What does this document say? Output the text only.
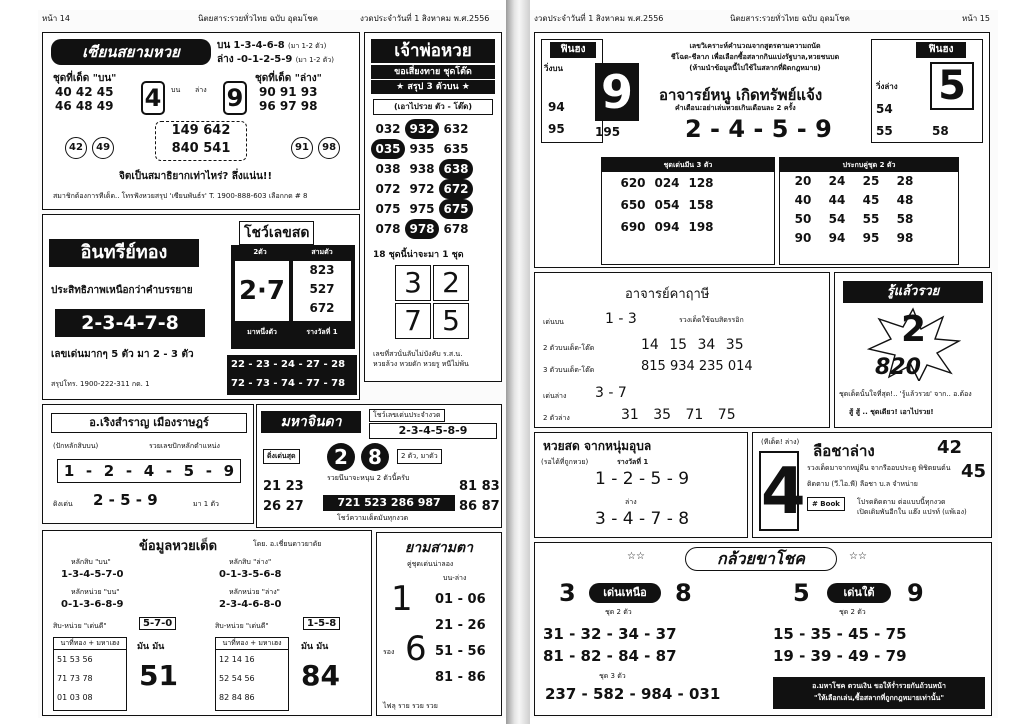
หน้า 14	นิตยสาร:รวยทั่วไทย ฉบับ อุดมโชค	งวดประจำวันที่ 1 สิงหาคม พ.ศ.2556
เซียนสยามหวย	บน 1-3-4-6-8 (มา 1-2 ตัว)
ล่าง -0-1-2-5-9 (มา 1-2 ตัว)
ชุดที่เด็ด "บน"
40 42 45
46 48 49	4	บน ล่าง 9
ชุดที่เด็ด "ล่าง"
90 91 93
96 97 98
149 642
840 541
42 49	91 98
จิตเป็นสมาธิยากเท่าไหร่? ลึ่งแน่น!!
สมาชิกต้องการทีเด็ด.. โทรฟังหวยสรุป 'เซียนพันธ์ร' T. 1900-888-603 เลือกกด # 8
เจ้าพ่อหวย
ขอเสี่ยงทาย ชุดโต๊ด
★ สรุป 3 ตัวบน ★
(เอาไปรวย ตัว - โต๊ด)
032 932 632
035 935 635
038 938 638
072 972 672
075 975 675
078 978 678
18 ชุดนี้น่าจะมา 1 ชุด
3 2
7 5
เลขที่สวนั่นลับไม่บังคับ ร.ส.น.
หวยล้วง หวยดัก หวยรู หนีไม่พ้น
อินทรีย์ทอง
ประสิทธิภาพเหนือกว่าคำบรรยาย
2-3-4-7-8
เลขเด่นมากๆ 5 ตัว มา 2 - 3 ตัว
สรุปโทร. 1900-222-311 กด. 1
โชว์เลขสด
2ตัว	สามตัว
2·7
823
527
672
มาหนึ่งตัว	รางวัลที่ 1
22 - 23 - 24 - 27 - 28
72 - 73 - 74 - 77 - 78
อ.เริงสำราญ เมืองราษฎร์
(ปักหลักสิบบน)	รวยเลขปักหลักตำแหน่ง
1 - 2 - 4 - 5 - 9
ดิงเด่น 2 - 5 - 9	มา 1 ตัว
มหาจินดา	โชว์เลขเด่นประจำงวด
2-3-4-5-8-9
ดิ่งเด่นสุด	2	8	2 ตัว, มาตัว
รวยนึนาจะหนุน 2 ตัวนี้ครับ
21 23
26 27	721 523 286 987
81 83
86 87
โชว์ความเด็ดมันทุกงวด
ข้อมูลหวยเด็ด	โดย. อ.เชี่ยนดาวยาดัย
หลักสิบ "บน"
1-3-4-5-7-0
หลักสิบ "ล่าง"
0-1-3-5-6-8
หลักหน่วย "บน"
0-1-3-6-8-9
หลักหน่วย "ล่าง"
2-3-4-6-8-0
สิบ-หน่วย "เด่นดี"	5-7-0	สิบ-หน่วย "เด่นดี"	1-5-8
นาที่ทอง + มหาเฮง
51 53 56
71 73 78
01 03 08
มัน มัน
51
นาที่ทอง + มหาเฮง
12 14 16
52 54 56
82 84 86
มัน มัน
84
ยามสามตา
คู่ชุดเด่นน่าลอง
บน-ล่าง
1
รอง 6
01 - 06
21 - 26
51 - 56
81 - 86
ไฟลุ ราย รวย รวย
งวดประจำวันที่ 1 สิงหาคม พ.ศ.2556	นิตยสาร:รวยทั่วไทย ฉบับ อุดมโชค	หน้า 15
ฟินฮง
วิ่งบน
94
95
9
195
เลขวิเคราะห์คำนวณจากสูตรตามความถนัด
ชีโฉด-ชีลาภ เพื่อเลือกซื้อสลากกินแบ่งรัฐบาล,หวยชนบด
(ห้ามนำข้อมูลนี้ไปใช้ในสลากที่ผิดกฎหมาย)
อาจารย์หนู เกิดทรัพย์แจ้ง
คำเตือน:อย่าเล่นหวยเกินเดือนละ 2 ครั้ง
2 - 4 - 5 - 9
ฟินฮง
วิ่งล่าง 5
54
55	58
ชุดเด่นมีน 3 ตัว
620 024 128
650 054 158
690 094 198
ประกบคู่ชุด 2 ตัว
20 24 25 28
40 44 45 48
50 54 55 58
90 94 95 98
อาจารย์คาฤาษี
รวงเด็ดใช้ฉบสิดรรอิก
เด่นบน	1 - 3
2 ตัวบนเด็ด-โต๊ด	14 15 34 35
3 ตัวบนเด็ด-โต๊ด	815 934 235 014
เด่นล่าง 3 - 7
2 ตัวล่าง	31 35 71 75
รู้แล้วรวย
2
820
ชุดเด็ดนั้นใจที่สุด!.. 'รู้แล้วรวย' จาก.. อ.ต้อง
สู้ สู้ .. ชุดเดียว! เอาไปรวย!
หวยสด จากหนุ่มอุบล
(รอได้ที่ถูกหวย)	รางวัลที่ 1
1 - 2 - 5 - 9
ล่าง
3 - 4 - 7 - 8
(ทีเด็ด! ล่าง)
4
ลือชาล่าง	42
รวงเด็ดมาจากหมู่ผืน จากรีออบประตู พิชิตยนต์น 45
ติดตาม (วี.ไอ.พี) ลือชา บ.ล จำหน่าย
# Book	โปรดติดตาม ต่อแบบนี้ทุกงวด
เปิดเดิมพันอีกใน แฮ๊ง แปรท์ (แพ้เอง)
กล้วยขาโชค
☆☆	☆☆
3	เด่นเหนือ	8	5	เด่นใต้	9
ชุด 2 ตัว	ชุด 2 ตัว
31 - 32 - 34 - 37
81 - 82 - 84 - 87
15 - 35 - 45 - 75
19 - 39 - 49 - 79
ชุด 3 ตัว
237 - 582 - 984 - 031	อ.มหาโชค ตวนเงิน ขอให้ร่ำรวยกันถ้วนหน้า
"ให้เลือกเล่น,ซื้อสลากที่ถูกกฎหมายเท่านั้น"
